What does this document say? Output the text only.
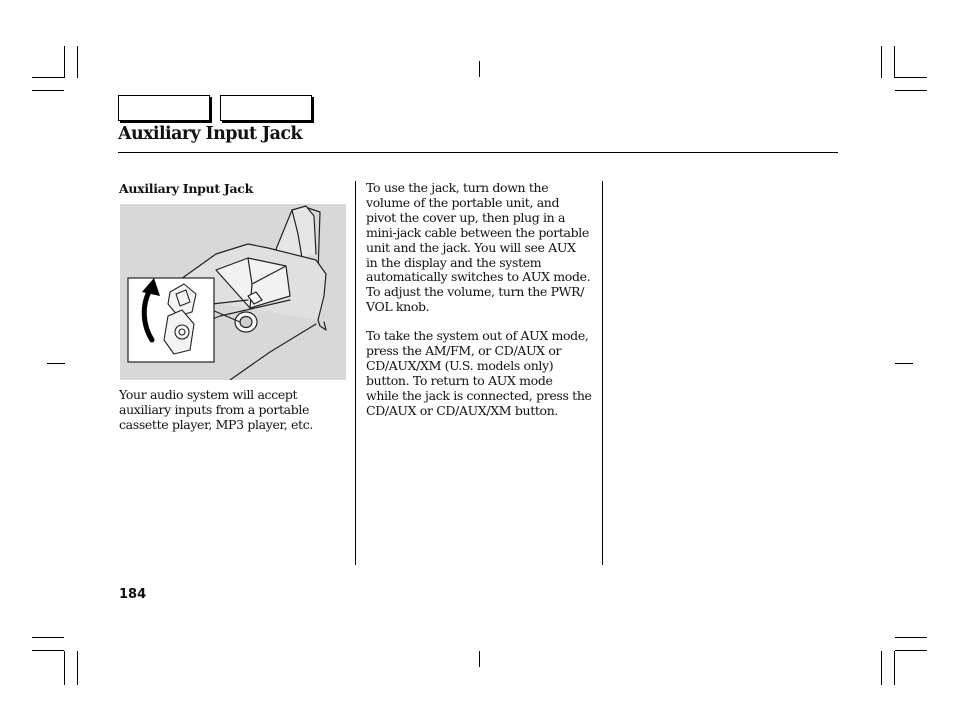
Auxiliary Input Jack
Auxiliary Input Jack

Your audio system will accept
auxiliary inputs from a portable
cassette player, MP3 player, etc.

To use the jack, turn down the
volume of the portable unit, and
pivot the cover up, then plug in a
mini-jack cable between the portable
unit and the jack. You will see AUX
in the display and the system
automatically switches to AUX mode.
To adjust the volume, turn the PWR/
VOL knob.

To take the system out of AUX mode,
press the AM/FM, or CD/AUX or
CD/AUX/XM (U.S. models only)
button. To return to AUX mode
while the jack is connected, press the
CD/AUX or CD/AUX/XM button.

184
